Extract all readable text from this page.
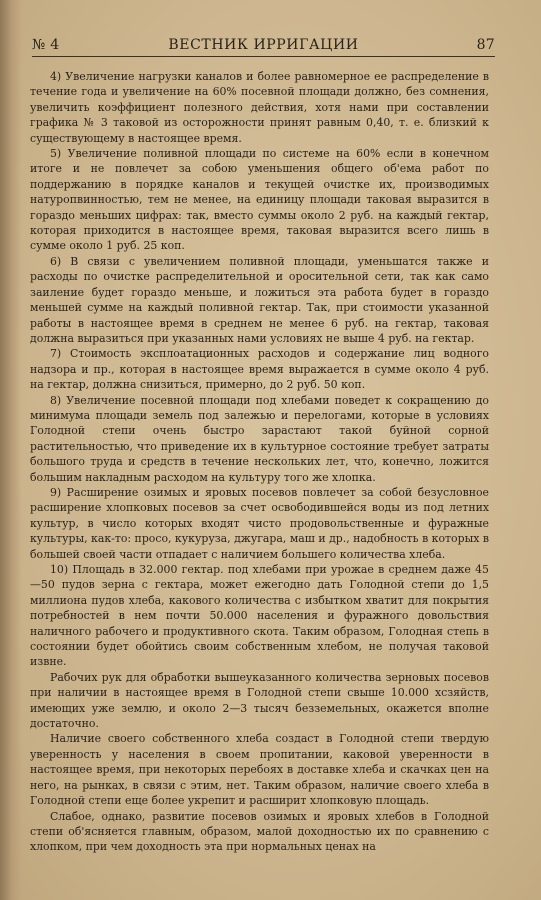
№ 4	ВЕСТНИК ИРРИГАЦИИ	87

4) Увеличение нагрузки каналов и более равномерное ее распределение в течение года и увеличение на 60% посевной площади должно, без сомнения, увеличить коэффициент полезного действия, хотя нами при составлении графика № 3 таковой из осторожности принят равным 0,40, т. е. близкий к существующему в настоящее время.

5) Увеличение поливной площади по системе на 60% если в конечном итоге и не повлечет за собою уменьшения общего об'ема работ по поддержанию в порядке каналов и текущей очистке их, производимых натуропвинностью, тем не менее, на единицу площади таковая выразится в гораздо меньших цифрах: так, вместо суммы около 2 руб. на каждый гектар, которая приходится в настоящее время, таковая выразится всего лишь в сумме около 1 руб. 25 коп.

6) В связи с увеличением поливной площади, уменьшатся также и расходы по очистке распределительной и оросительной сети, так как само заиление будет гораздо меньше, и ложиться эта работа будет в гораздо меньшей сумме на каждый поливной гектар. Так, при стоимости указанной работы в настоящее время в среднем не менее 6 руб. на гектар, таковая должна выразиться при указанных нами условиях не выше 4 руб. на гектар.

7) Стоимость эксплоатационных расходов и содержание лиц водного надзора и пр., которая в настоящее время выражается в сумме около 4 руб. на гектар, должна снизиться, примерно, до 2 руб. 50 коп.

8) Увеличение посевной площади под хлебами поведет к сокращению до минимума площади земель под залежью и перелогами, которые в условиях Голодной степи очень быстро зарастают такой буйной сорной растительностью, что приведение их в культурное состояние требует затраты большого труда и средств в течение нескольких лет, что, конечно, ложится большим накладным расходом на культуру того же хлопка.

9) Расширение озимых и яровых посевов повлечет за собой безусловное расширение хлопковых посевов за счет освободившейся воды из под летних культур, в число которых входят чисто продовольственные и фуражные культуры, как-то: просо, кукуруза, джугара, маш и др., надобность в которых в большей своей части отпадает с наличием большего количества хлеба.

10) Площадь в 32.000 гектар. под хлебами при урожае в среднем даже 45—50 пудов зерна с гектара, может ежегодно дать Голодной степи до 1,5 миллиона пудов хлеба, каковогo количества с избытком хватит для покрытия потребностей в нем почти 50.000 населения и фуражного довольствия наличного рабочего и продуктивного скота. Таким образом, Голодная степь в состоянии будет обойтись своим собственным хлебом, не получая таковой извне.

Рабочих рук для обработки вышеуказанного количества зерновых посевов при наличии в настоящее время в Голодной степи свыше 10.000 хсзяйств, имеющих уже землю, и около 2—3 тысяч безземельных, окажется вполне достаточно.

Наличие своего собственного хлеба создаст в Голодной степи твердую уверенность у населения в своем пропитании, каковой уверенности в настоящее время, при некоторых перебоях в доставке хлеба и скачках цен на него, на рынках, в связи с этим, нет. Таким образом, наличие своего хлеба в Голодной степи еще более укрепит и расширит хлопковую площадь.

Слабое, однако, развитие посевов озимых и яровых хлебов в Голодной степи об'ясняется главным, образом, малой доходностью их по сравнению с хлопком, при чем доходность эта при нормальных ценах на
